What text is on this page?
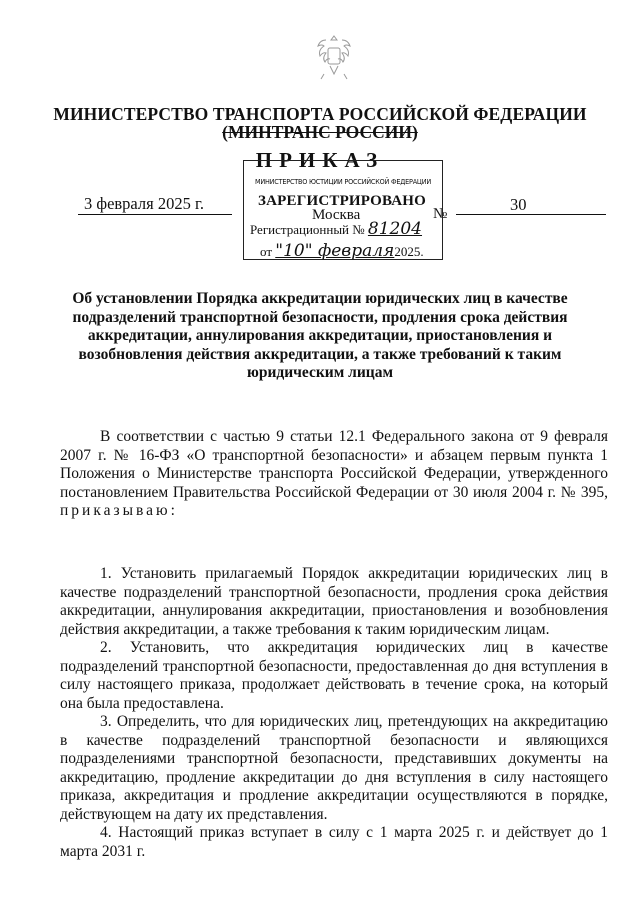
МИНИСТЕРСТВО ТРАНСПОРТА РОССИЙСКОЙ ФЕДЕРАЦИИ
(МИНТРАНС РОССИИ)
ПРИКАЗ
3 февраля 2025 г.
Москва	№	30
МИНИСТЕРСТВО ЮСТИЦИИ РОССИЙСКОЙ ФЕДЕРАЦИИ
ЗАРЕГИСТРИРОВАНО
Регистрационный № 81204
от "10" февраля2025.
Об установлении Порядка аккредитации юридических лиц в качестве подразделений транспортной безопасности, продления срока действия аккредитации, аннулирования аккредитации, приостановления и возобновления действия аккредитации, а также требований к таким юридическим лицам
В соответствии с частью 9 статьи 12.1 Федерального закона от 9 февраля 2007 г. № 16-ФЗ «О транспортной безопасности» и абзацем первым пункта 1 Положения о Министерстве транспорта Российской Федерации, утвержденного постановлением Правительства Российской Федерации от 30 июля 2004 г. № 395, приказываю:

1. Установить прилагаемый Порядок аккредитации юридических лиц в качестве подразделений транспортной безопасности, продления срока действия аккредитации, аннулирования аккредитации, приостановления и возобновления действия аккредитации, а также требования к таким юридическим лицам.

2. Установить, что аккредитация юридических лиц в качестве подразделений транспортной безопасности, предоставленная до дня вступления в силу настоящего приказа, продолжает действовать в течение срока, на который она была предоставлена.

3. Определить, что для юридических лиц, претендующих на аккредитацию в качестве подразделений транспортной безопасности и являющихся подразделениями транспортной безопасности, представивших документы на аккредитацию, продление аккредитации до дня вступления в силу настоящего приказа, аккредитация и продление аккредитации осуществляются в порядке, действующем на дату их представления.

4. Настоящий приказ вступает в силу с 1 марта 2025 г. и действует до 1 марта 2031 г.
